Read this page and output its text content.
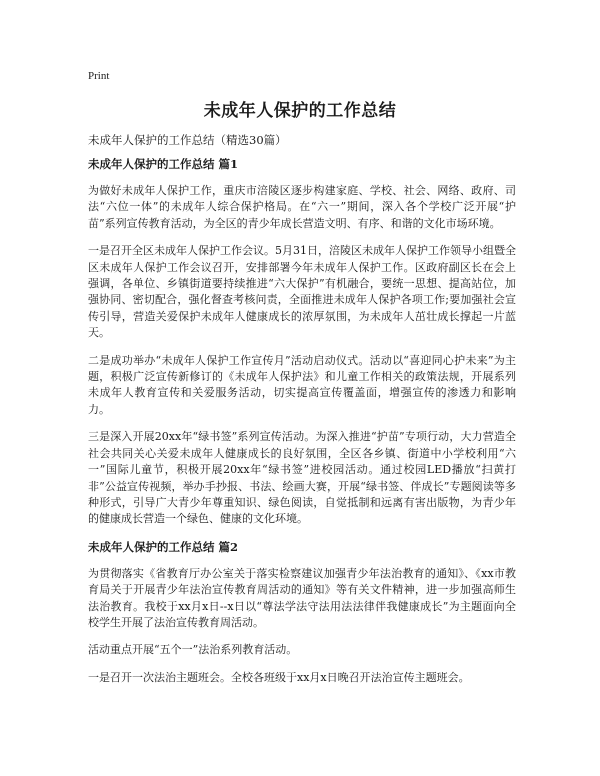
Print
未成年人保护的工作总结
未成年人保护的工作总结（精选30篇）
未成年人保护的工作总结 篇1

为做好未成年人保护工作，重庆市涪陵区逐步构建家庭、学校、社会、网络、政府、司法“六位一体”的未成年人综合保护格局。在“六一”期间，深入各个学校广泛开展“护苗”系列宣传教育活动，为全区的青少年成长营造文明、有序、和谐的文化市场环境。

一是召开全区未成年人保护工作会议。5月31日，涪陵区未成年人保护工作领导小组暨全区未成年人保护工作会议召开，安排部署今年未成年人保护工作。区政府副区长在会上强调，各单位、乡镇街道要持续推进“六大保护”有机融合，要统一思想、提高站位，加强协同、密切配合，强化督查考核问责，全面推进未成年人保护各项工作;要加强社会宣传引导，营造关爱保护未成年人健康成长的浓厚氛围，为未成年人茁壮成长撑起一片蓝天。

二是成功举办“未成年人保护工作宣传月”活动启动仪式。活动以“喜迎同心护未来”为主题，积极广泛宣传新修订的《未成年人保护法》和儿童工作相关的政策法规，开展系列未成年人教育宣传和关爱服务活动，切实提高宣传覆盖面，增强宣传的渗透力和影响力。

三是深入开展20xx年“绿书签”系列宣传活动。为深入推进“护苗”专项行动，大力营造全社会共同关心关爱未成年人健康成长的良好氛围，全区各乡镇、街道中小学校利用“六一”国际儿童节，积极开展20xx年“绿书签”进校园活动。通过校园LED播放“扫黄打非”公益宣传视频，举办手抄报、书法、绘画大赛，开展“绿书签、伴成长”专题阅读等多种形式，引导广大青少年尊重知识、绿色阅读，自觉抵制和远离有害出版物，为青少年的健康成长营造一个绿色、健康的文化环境。

未成年人保护的工作总结 篇2

为贯彻落实《省教育厅办公室关于落实检察建议加强青少年法治教育的通知》、《xx市教育局关于开展青少年法治宣传教育周活动的通知》等有关文件精神，进一步加强高师生法治教育。我校于xx月x日--x日以“尊法学法守法用法法律伴我健康成长”为主题面向全校学生开展了法治宣传教育周活动。

活动重点开展“五个一”法治系列教育活动。

一是召开一次法治主题班会。全校各班级于xx月x日晚召开法治宣传主题班会。
